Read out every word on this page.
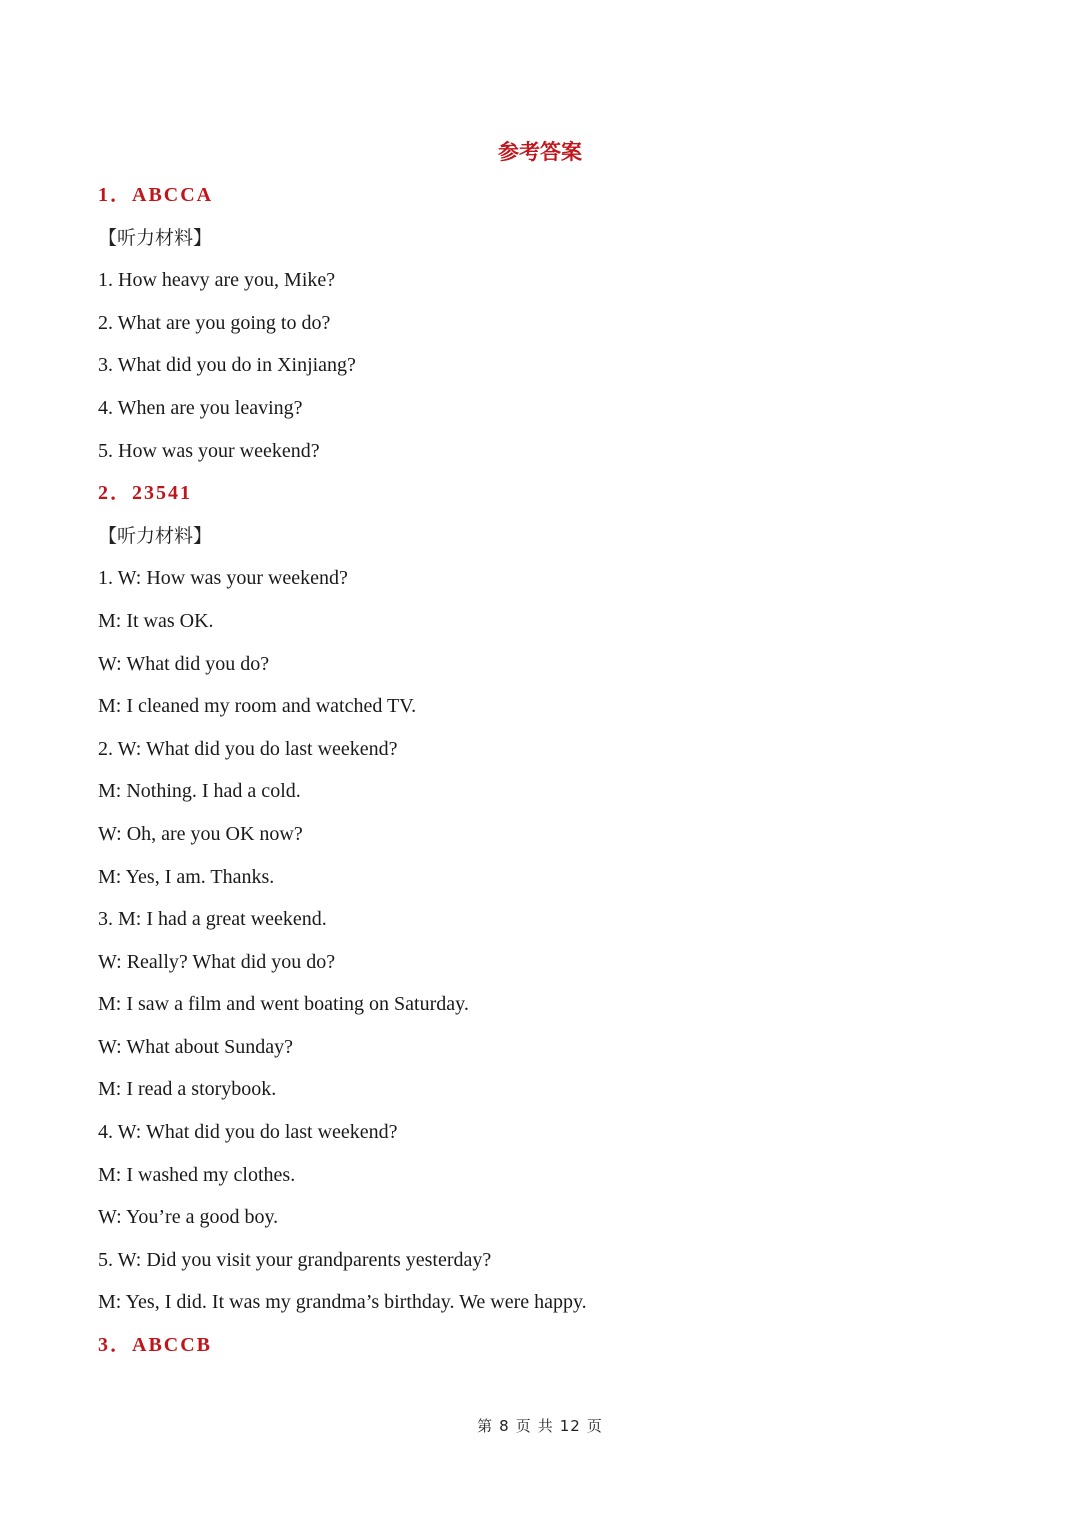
参考答案
1．ABCCA
【听力材料】
1. How heavy are you, Mike?
2. What are you going to do?
3. What did you do in Xinjiang?
4. When are you leaving?
5. How was your weekend?
2．23541
【听力材料】
1. W: How was your weekend?
M: It was OK.
W: What did you do?
M: I cleaned my room and watched TV.
2. W: What did you do last weekend?
M: Nothing. I had a cold.
W: Oh, are you OK now?
M: Yes, I am. Thanks.
3. M: I had a great weekend.
W: Really? What did you do?
M: I saw a film and went boating on Saturday.
W: What about Sunday?
M: I read a storybook.
4. W: What did you do last weekend?
M: I washed my clothes.
W: You’re a good boy.
5. W: Did you visit your grandparents yesterday?
M: Yes, I did. It was my grandma’s birthday. We were happy.
3．ABCCB
第 8 页 共 12 页
